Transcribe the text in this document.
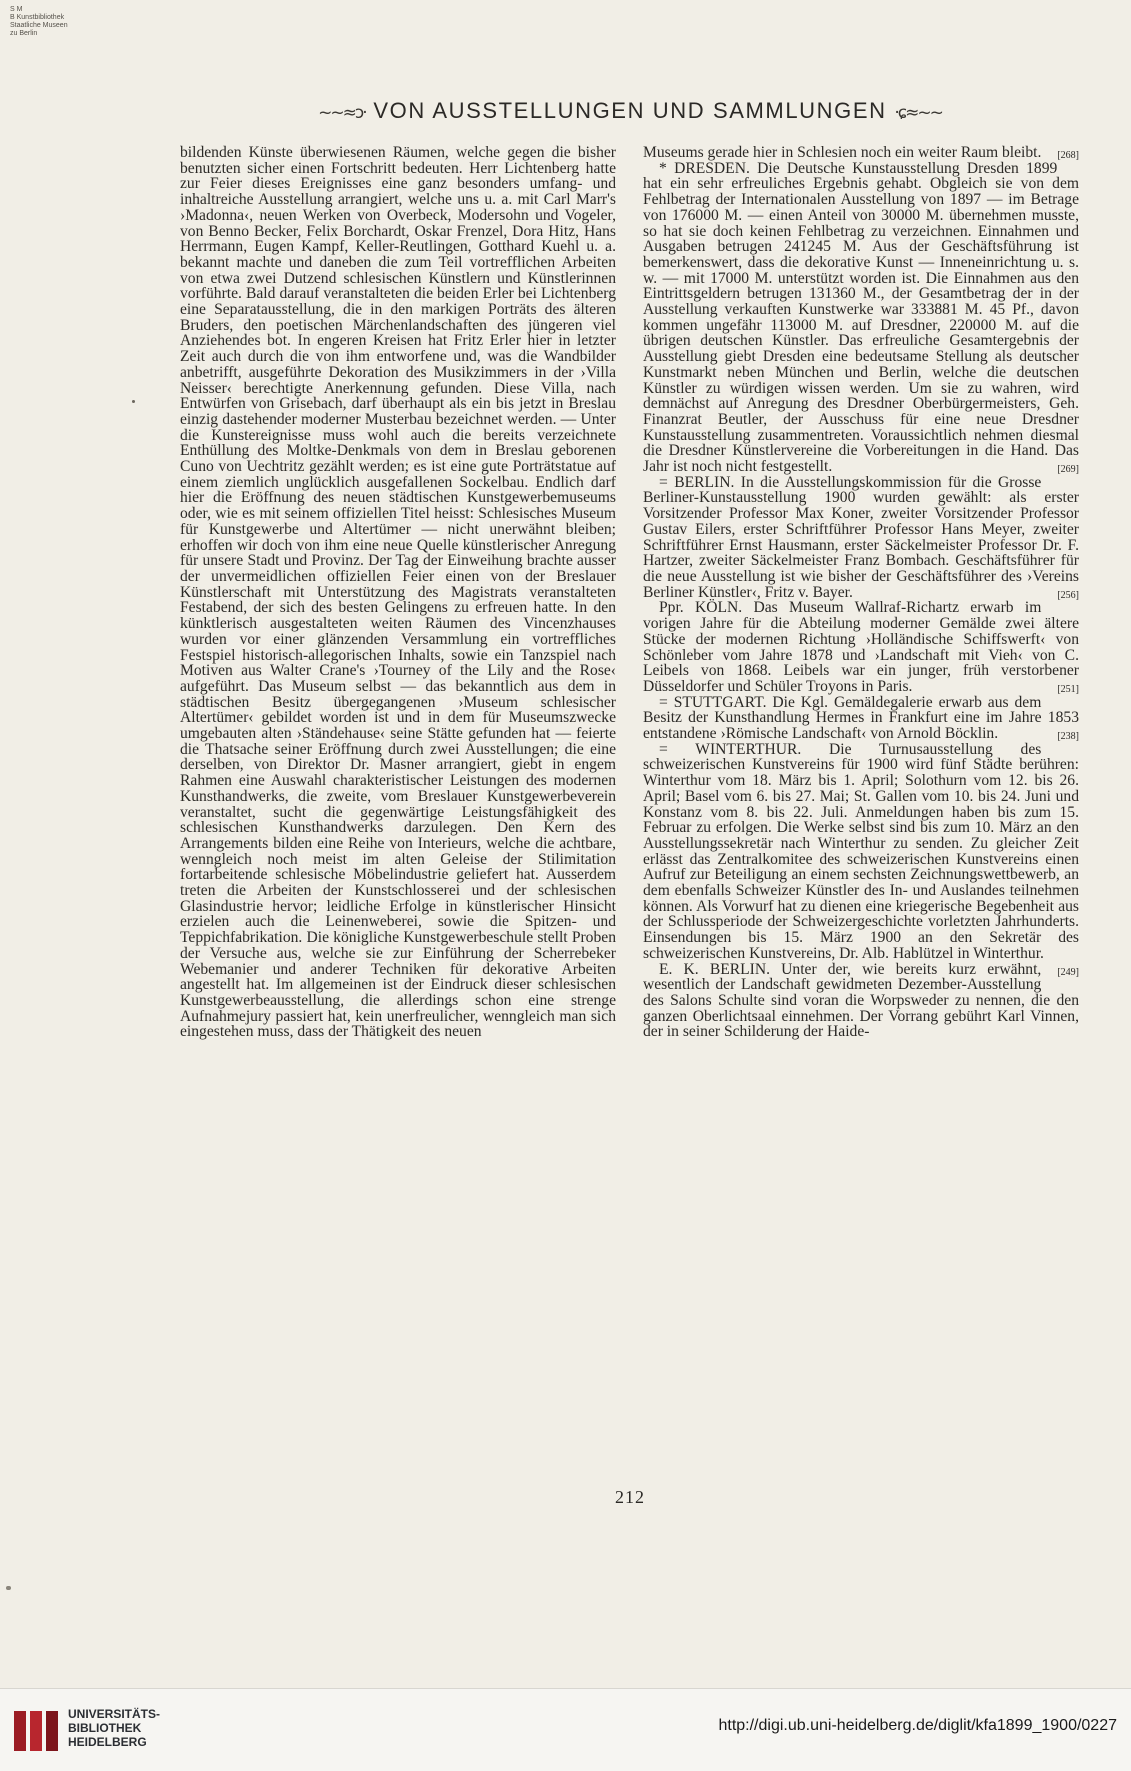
S M
B Kunstbibliothek
Staatliche Museen
zu Berlin
~~≈ɔ· VON AUSSTELLUNGEN UND SAMMLUNGEN ·ɕ≈~~

bildenden Künste überwiesenen Räumen, welche gegen die bisher benutzten sicher einen Fortschritt bedeuten. Herr Lichtenberg hatte zur Feier dieses Ereignisses eine ganz besonders umfang- und inhaltreiche Ausstellung arrangiert, welche uns u. a. mit Carl Marr's ›Madonna‹, neuen Werken von Overbeck, Modersohn und Vogeler, von Benno Becker, Felix Borchardt, Oskar Frenzel, Dora Hitz, Hans Herrmann, Eugen Kampf, Keller-Reutlingen, Gotthard Kuehl u. a. bekannt machte und daneben die zum Teil vortrefflichen Arbeiten von etwa zwei Dutzend schlesischen Künstlern und Künstlerinnen vorführte. Bald darauf veranstalteten die beiden Erler bei Lichtenberg eine Separatausstellung, die in den markigen Porträts des älteren Bruders, den poetischen Märchenlandschaften des jüngeren viel Anziehendes bot. In engeren Kreisen hat Fritz Erler hier in letzter Zeit auch durch die von ihm entworfene und, was die Wandbilder anbetrifft, ausgeführte Dekoration des Musikzimmers in der ›Villa Neisser‹ berechtigte Anerkennung gefunden. Diese Villa, nach Entwürfen von Grisebach, darf überhaupt als ein bis jetzt in Breslau einzig dastehender moderner Musterbau bezeichnet werden. — Unter die Kunstereignisse muss wohl auch die bereits verzeichnete Enthüllung des Moltke-Denkmals von dem in Breslau geborenen Cuno von Uechtritz gezählt werden; es ist eine gute Porträtstatue auf einem ziemlich unglücklich ausgefallenen Sockelbau. Endlich darf hier die Eröffnung des neuen städtischen Kunstgewerbemuseums oder, wie es mit seinem offiziellen Titel heisst: Schlesisches Museum für Kunstgewerbe und Altertümer — nicht unerwähnt bleiben; erhoffen wir doch von ihm eine neue Quelle künstlerischer Anregung für unsere Stadt und Provinz. Der Tag der Einweihung brachte ausser der unvermeidlichen offiziellen Feier einen von der Breslauer Künstlerschaft mit Unterstützung des Magistrats veranstalteten Festabend, der sich des besten Gelingens zu erfreuen hatte. In den künktlerisch ausgestalteten weiten Räumen des Vincenzhauses wurden vor einer glänzenden Versammlung ein vortreffliches Festspiel historisch-allegorischen Inhalts, sowie ein Tanzspiel nach Motiven aus Walter Crane's ›Tourney of the Lily and the Rose‹ aufgeführt. Das Museum selbst — das bekanntlich aus dem in städtischen Besitz übergegangenen ›Museum schlesischer Altertümer‹ gebildet worden ist und in dem für Museumszwecke umgebauten alten ›Ständehause‹ seine Stätte gefunden hat — feierte die Thatsache seiner Eröffnung durch zwei Ausstellungen; die eine derselben, von Direktor Dr. Masner arrangiert, giebt in engem Rahmen eine Auswahl charakteristischer Leistungen des modernen Kunsthandwerks, die zweite, vom Breslauer Kunstgewerbeverein veranstaltet, sucht die gegenwärtige Leistungsfähigkeit des schlesischen Kunsthandwerks darzulegen. Den Kern des Arrangements bilden eine Reihe von Interieurs, welche die achtbare, wenngleich noch meist im alten Geleise der Stilimitation fortarbeitende schlesische Möbelindustrie geliefert hat. Ausserdem treten die Arbeiten der Kunstschlosserei und der schlesischen Glasindustrie hervor; leidliche Erfolge in künstlerischer Hinsicht erzielen auch die Leinenweberei, sowie die Spitzen- und Teppichfabrikation. Die königliche Kunstgewerbeschule stellt Proben der Versuche aus, welche sie zur Einführung der Scherrebeker Webemanier und anderer Techniken für dekorative Arbeiten angestellt hat. Im allgemeinen ist der Eindruck dieser schlesischen Kunstgewerbeausstellung, die allerdings schon eine strenge Aufnahmejury passiert hat, kein unerfreulicher, wenngleich man sich eingestehen muss, dass der Thätigkeit des neuen

Museums gerade hier in Schlesien noch ein weiter Raum bleibt. [268]

* DRESDEN. Die Deutsche Kunstausstellung Dresden 1899 hat ein sehr erfreuliches Ergebnis gehabt. Obgleich sie von dem Fehlbetrag der Internationalen Ausstellung von 1897 — im Betrage von 176000 M. — einen Anteil von 30000 M. übernehmen musste, so hat sie doch keinen Fehlbetrag zu verzeichnen. Einnahmen und Ausgaben betrugen 241245 M. Aus der Geschäftsführung ist bemerkenswert, dass die dekorative Kunst — Inneneinrichtung u. s. w. — mit 17000 M. unterstützt worden ist. Die Einnahmen aus den Eintrittsgeldern betrugen 131360 M., der Gesamtbetrag der in der Ausstellung verkauften Kunstwerke war 333881 M. 45 Pf., davon kommen ungefähr 113000 M. auf Dresdner, 220000 M. auf die übrigen deutschen Künstler. Das erfreuliche Gesamtergebnis der Ausstellung giebt Dresden eine bedeutsame Stellung als deutscher Kunstmarkt neben München und Berlin, welche die deutschen Künstler zu würdigen wissen werden. Um sie zu wahren, wird demnächst auf Anregung des Dresdner Oberbürgermeisters, Geh. Finanzrat Beutler, der Ausschuss für eine neue Dresdner Kunstausstellung zusammentreten. Voraussichtlich nehmen diesmal die Dresdner Künstlervereine die Vorbereitungen in die Hand. Das Jahr ist noch nicht festgestellt.	[269]

= BERLIN. In die Ausstellungskommission für die Grosse Berliner-Kunstausstellung 1900 wurden gewählt: als erster Vorsitzender Professor Max Koner, zweiter Vorsitzender Professor Gustav Eilers, erster Schriftführer Professor Hans Meyer, zweiter Schriftführer Ernst Hausmann, erster Säckelmeister Professor Dr. F. Hartzer, zweiter Säckelmeister Franz Bombach. Geschäftsführer für die neue Ausstellung ist wie bisher der Geschäftsführer des ›Vereins Berliner Künstler‹, Fritz v. Bayer.	[256]

Ppr. KÖLN. Das Museum Wallraf-Richartz erwarb im vorigen Jahre für die Abteilung moderner Gemälde zwei ältere Stücke der modernen Richtung ›Holländische Schiffswerft‹ von Schönleber vom Jahre 1878 und ›Landschaft mit Vieh‹ von C. Leibels von 1868. Leibels war ein junger, früh verstorbener Düsseldorfer und Schüler Troyons in Paris.	[251]

= STUTTGART. Die Kgl. Gemäldegalerie erwarb aus dem Besitz der Kunsthandlung Hermes in Frankfurt eine im Jahre 1853 entstandene ›Römische Landschaft‹ von Arnold Böcklin.	[238]

= WINTERTHUR. Die Turnusausstellung des schweizerischen Kunstvereins für 1900 wird fünf Städte berühren: Winterthur vom 18. März bis 1. April; Solothurn vom 12. bis 26. April; Basel vom 6. bis 27. Mai; St. Gallen vom 10. bis 24. Juni und Konstanz vom 8. bis 22. Juli. Anmeldungen haben bis zum 15. Februar zu erfolgen. Die Werke selbst sind bis zum 10. März an den Ausstellungssekretär nach Winterthur zu senden. Zu gleicher Zeit erlässt das Zentralkomitee des schweizerischen Kunstvereins einen Aufruf zur Beteiligung an einem sechsten Zeichnungswettbewerb, an dem ebenfalls Schweizer Künstler des In- und Auslandes teilnehmen können. Als Vorwurf hat zu dienen eine kriegerische Begebenheit aus der Schlussperiode der Schweizergeschichte vorletzten Jahrhunderts. Einsendungen bis 15. März 1900 an den Sekretär des schweizerischen Kunstvereins, Dr. Alb. Hablützel in Winterthur.
[249]

E. K. BERLIN. Unter der, wie bereits kurz erwähnt, wesentlich der Landschaft gewidmeten Dezember-Ausstellung des Salons Schulte sind voran die Worpsweder zu nennen, die den ganzen Oberlichtsaal einnehmen. Der Vorrang gebührt Karl Vinnen, der in seiner Schilderung der Haide-

212
UNIVERSITÄTS-
BIBLIOTHEK
HEIDELBERG
http://digi.ub.uni-heidelberg.de/diglit/kfa1899_1900/0227
